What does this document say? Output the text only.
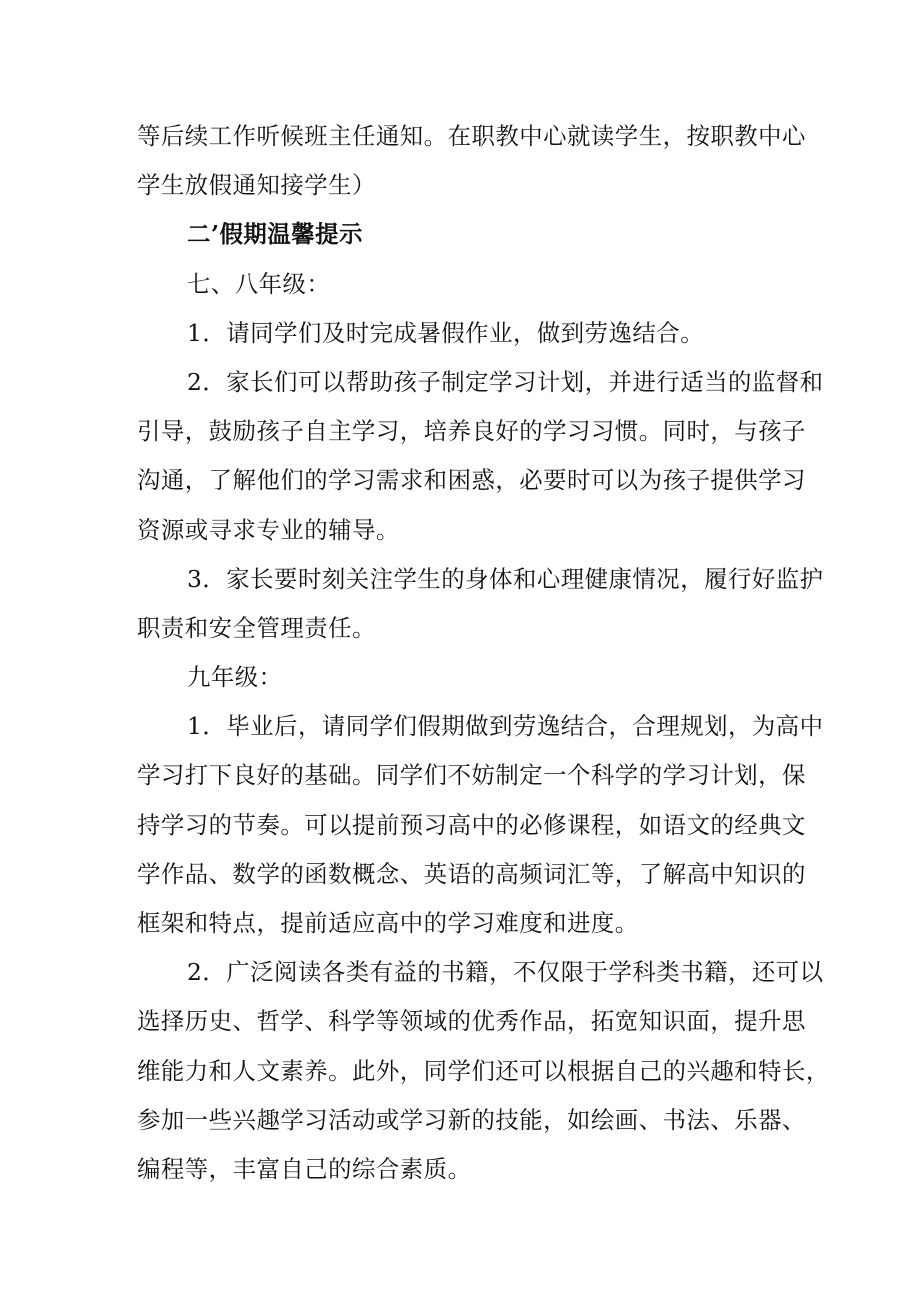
等后续工作听候班主任通知。在职教中心就读学生，按职教中心
学生放假通知接学生）
二’假期温馨提示
七、八年级：
1．请同学们及时完成暑假作业，做到劳逸结合。
2．家长们可以帮助孩子制定学习计划，并进行适当的监督和
引导，鼓励孩子自主学习，培养良好的学习习惯。同时，与孩子
沟通，了解他们的学习需求和困惑，必要时可以为孩子提供学习
资源或寻求专业的辅导。
3．家长要时刻关注学生的身体和心理健康情况，履行好监护
职责和安全管理责任。
九年级：
1．毕业后，请同学们假期做到劳逸结合，合理规划，为高中
学习打下良好的基础。同学们不妨制定一个科学的学习计划，保
持学习的节奏。可以提前预习高中的必修课程，如语文的经典文
学作品、数学的函数概念、英语的高频词汇等，了解高中知识的
框架和特点，提前适应高中的学习难度和进度。
2．广泛阅读各类有益的书籍，不仅限于学科类书籍，还可以
选择历史、哲学、科学等领域的优秀作品，拓宽知识面，提升思
维能力和人文素养。此外，同学们还可以根据自己的兴趣和特长，
参加一些兴趣学习活动或学习新的技能，如绘画、书法、乐器、
编程等，丰富自己的综合素质。
